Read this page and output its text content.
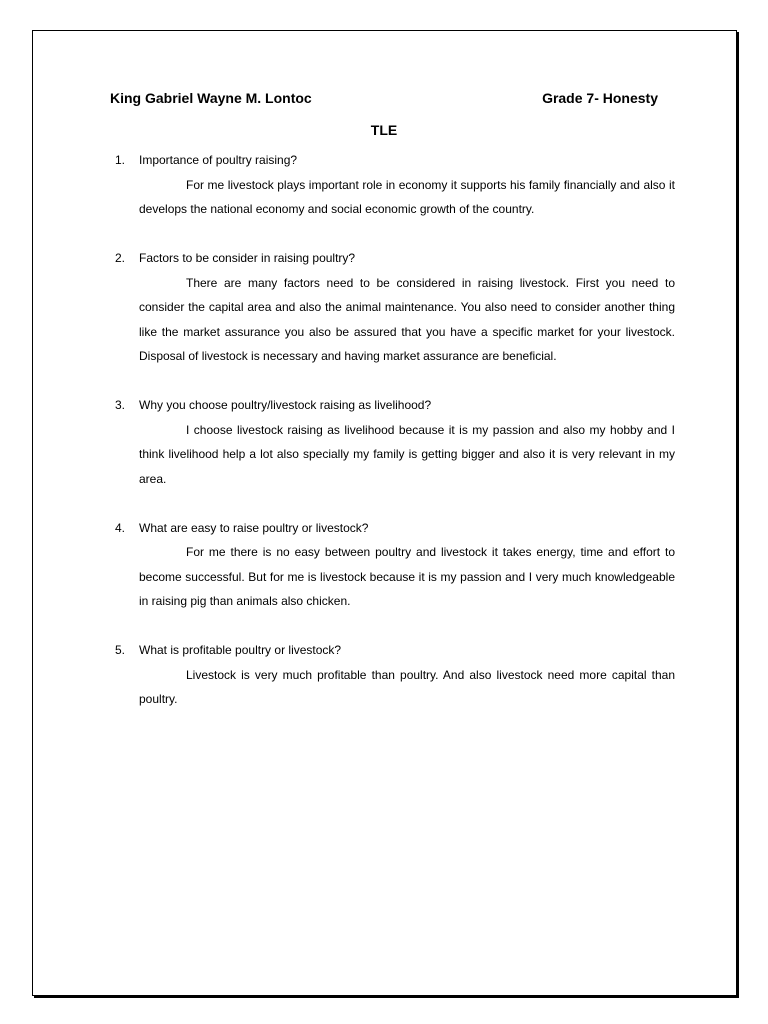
King Gabriel Wayne M. Lontoc	Grade 7- Honesty
TLE
1. Importance of poultry raising?

For me livestock plays important role in economy it supports his family financially and also it develops the national economy and social economic growth of the country.

2. Factors to be consider in raising poultry?

There are many factors need to be considered in raising livestock. First you need to consider the capital area and also the animal maintenance. You also need to consider another thing like the market assurance you also be assured that you have a specific market for your livestock. Disposal of livestock is necessary and having market assurance are beneficial.

3. Why you choose poultry/livestock raising as livelihood?

I choose livestock raising as livelihood because it is my passion and also my hobby and I think livelihood help a lot also specially my family is getting bigger and also it is very relevant in my area.

4. What are easy to raise poultry or livestock?

For me there is no easy between poultry and livestock it takes energy, time and effort to become successful. But for me is livestock because it is my passion and I very much knowledgeable in raising pig than animals also chicken.

5. What is profitable poultry or livestock?

Livestock is very much profitable than poultry. And also livestock need more capital than poultry.
